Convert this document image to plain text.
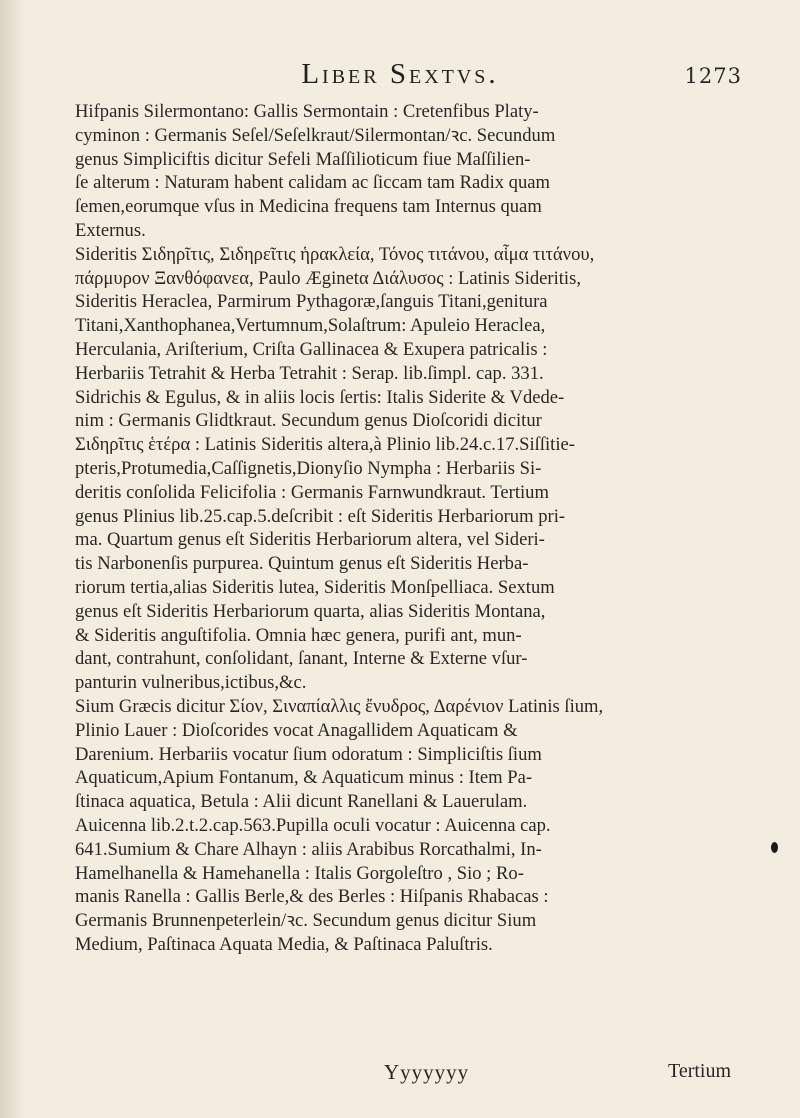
Liber Sextvs.	1273
Hifpanis Silermontano: Gallis Sermontain : Cretenfibus Platy-
cyminon : Germanis Seſel/Seſelkraut/Silermontan/ꝛc. Secundum
genus Simpliciftis dicitur Sefeli Maſſilioticum fiue Maſſilien-
ſe alterum : Naturam habent calidam ac ſiccam tam Radix quam
ſemen,eorumque vſus in Medicina frequens tam Internus quam
Externus.
Sideritis Σιδηρῖτις, Σιδηρεῖτις ἡρακλεία, Τόνος τιτάνου, αἷμα τιτάνου,
πάρμυρον Ξανθόφανεα, Paulo Æginetα Διάλυσος : Latinis Sideritis,
Sideritis Heraclea, Parmirum Pythagoræ,ſanguis Titani,genitura
Titani,Xanthophanea,Vertumnum,Solaſtrum: Apuleio Heraclea,
Herculania, Ariſterium, Criſta Gallinacea & Exupera patricalis :
Herbariis Tetrahit & Herba Tetrahit : Serap. lib.ſimpl. cap. 331.
Sidrichis & Egulus, & in aliis locis ſertis: Italis Siderite & Vdede-
nim : Germanis Glidtkraut. Secundum genus Dioſcoridi dicitur
Σιδηρῖτις ἑτέρα : Latinis Sideritis altera,à Plinio lib.24.c.17.Siſſitie-
pteris,Protumedia,Caſſignetis,Dionyſio Nympha : Herbariis Si-
deritis conſolida Felicifolia : Germanis Farnwundkraut. Tertium
genus Plinius lib.25.cap.5.deſcribit : eſt Sideritis Herbariorum pri-
ma. Quartum genus eſt Sideritis Herbariorum altera, vel Sideri-
tis Narbonenſis purpurea. Quintum genus eſt Sideritis Herba-
riorum tertia,alias Sideritis lutea, Sideritis Monſpelliaca. Sextum
genus eſt Sideritis Herbariorum quarta, alias Sideritis Montana,
& Sideritis anguſtifolia. Omnia hæc genera, purifi ant, mun-
dant, contrahunt, conſolidant, ſanant, Interne & Externe vſur-
panturin vulneribus,ictibus,&c.
Sium Græcis dicitur Σίον, Σιναπίαλλις ἔνυδρος, Δαρένιον Latinis ſium,
Plinio Lauer : Dioſcorides vocat Anagallidem Aquaticam &
Darenium. Herbariis vocatur ſium odoratum : Simpliciſtis ſium
Aquaticum,Apium Fontanum, & Aquaticum minus : Item Pa-
ſtinaca aquatica, Betula : Alii dicunt Ranellani & Lauerulam.
Auicenna lib.2.t.2.cap.563.Pupilla oculi vocatur : Auicenna cap.
641.Sumium & Chare Alhayn : aliis Arabibus Rorcathalmi, In-
Hamelhanella & Hamehanella : Italis Gorgoleſtro , Sio ; Ro-
manis Ranella : Gallis Berle,& des Berles : Hiſpanis Rhabacas :
Germanis Brunnenpeterlein/ꝛc. Secundum genus dicitur Sium
Medium, Paſtinaca Aquata Media, & Paſtinaca Paluſtris.
Yyyyyyy	Tertium
